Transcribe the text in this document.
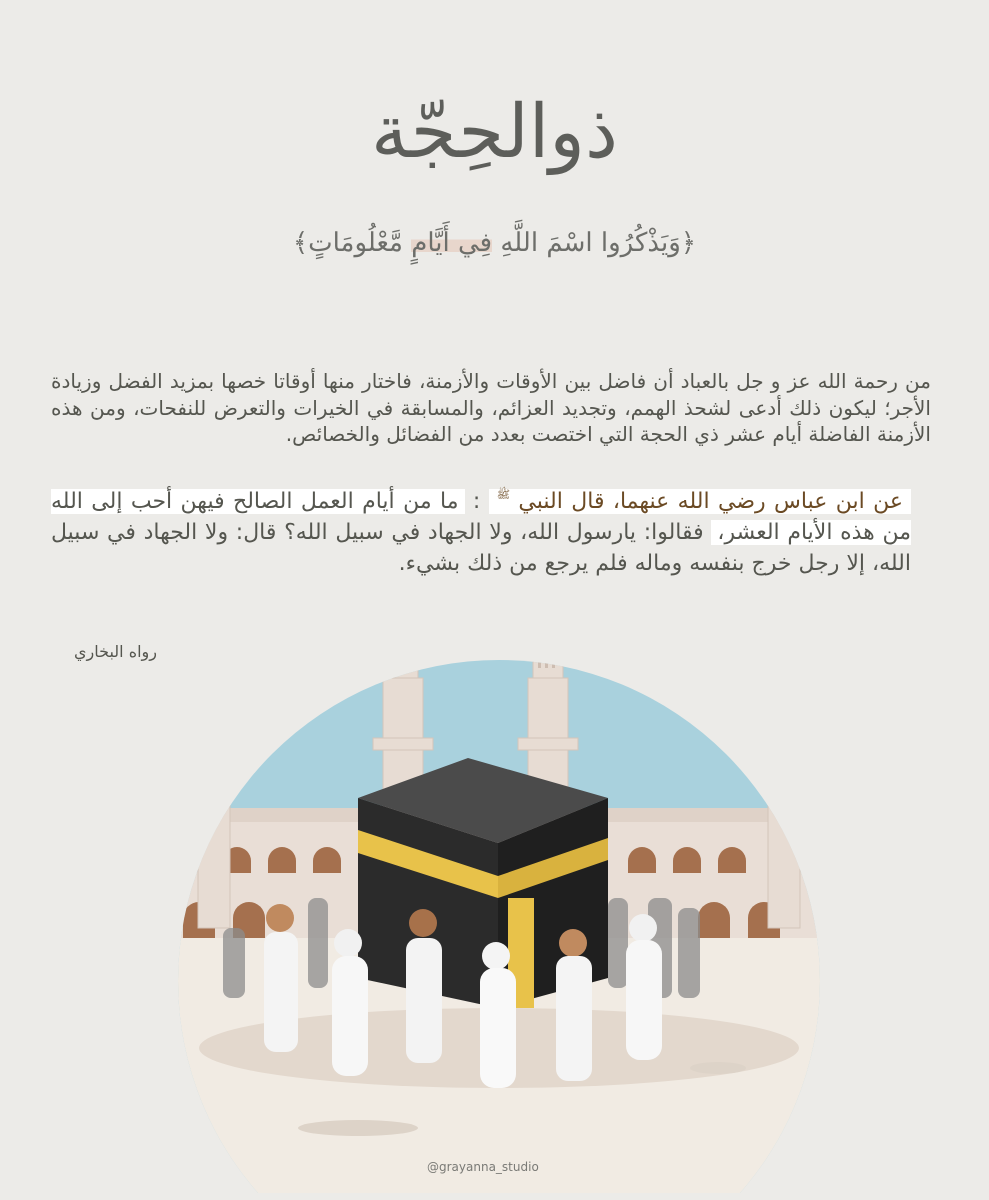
ذوالحِجّة
﴿وَيَذْكُرُوا اسْمَ اللَّهِ فِي أَيَّامٍ مَّعْلُومَاتٍ﴾

من رحمة الله عز و جل بالعباد أن فاضل بين الأوقات والأزمنة، فاختار منها أوقاتا خصها بمزيد الفضل وزيادة الأجر؛ ليكون ذلك أدعى لشحذ الهمم، وتجديد العزائم، والمسابقة في الخيرات والتعرض للنفحات، ومن هذه الأزمنة الفاضلة أيام عشر ذي الحجة التي اختصت بعدد من الفضائل والخصائص.

عن ابن عباس رضي الله عنهما، قال النبي $^ﷺ$ : ما من أيام العمل الصالح فيهن أحب إلى الله من هذه الأيام العشر، فقالوا: يارسول الله، ولا الجهاد في سبيل الله؟ قال: ولا الجهاد في سبيل الله، إلا رجل خرج بنفسه وماله فلم يرجع من ذلك بشيء.

رواه البخاري
@grayanna_studio
